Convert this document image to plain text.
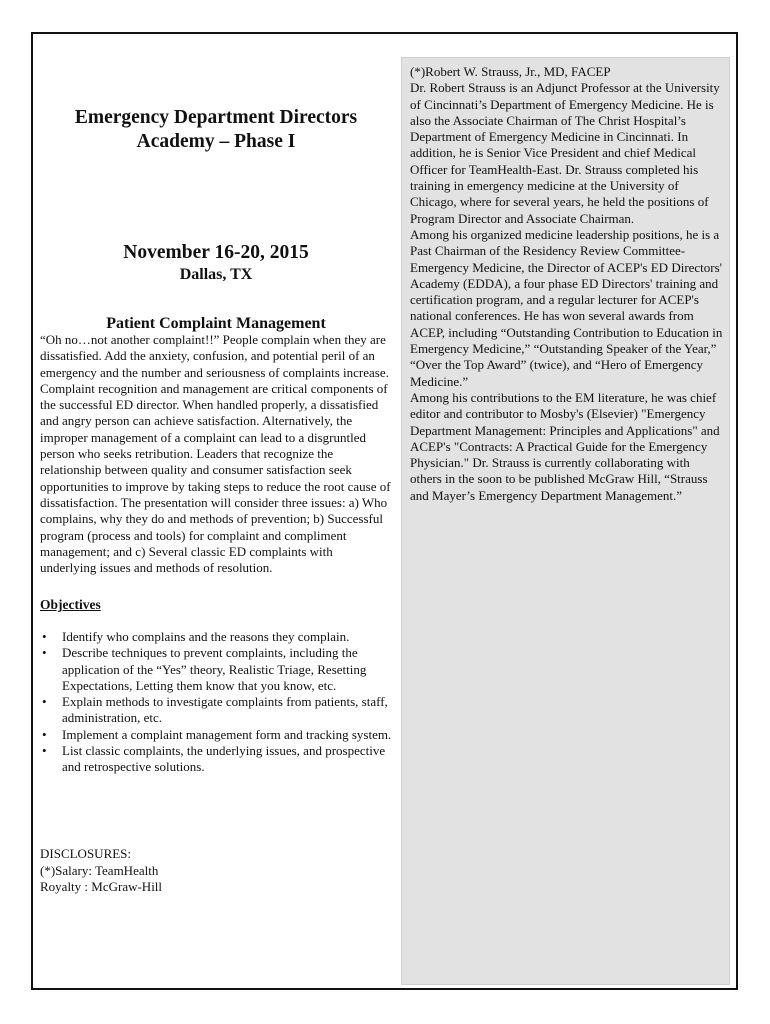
Emergency Department Directors Academy – Phase I
November 16-20, 2015
Dallas, TX
Patient Complaint Management

“Oh no…not another complaint!!” People complain when they are dissatisfied. Add the anxiety, confusion, and potential peril of an emergency and the number and seriousness of complaints increase. Complaint recognition and management are critical components of the successful ED director. When handled properly, a dissatisfied and angry person can achieve satisfaction. Alternatively, the improper management of a complaint can lead to a disgruntled person who seeks retribution. Leaders that recognize the relationship between quality and consumer satisfaction seek opportunities to improve by taking steps to reduce the root cause of dissatisfaction. The presentation will consider three issues: a) Who complains, why they do and methods of prevention; b) Successful program (process and tools) for complaint and compliment management; and c) Several classic ED complaints with underlying issues and methods of resolution.

Objectives
• Identify who complains and the reasons they complain.
• Describe techniques to prevent complaints, including the application of the “Yes” theory, Realistic Triage, Resetting Expectations, Letting them know that you know, etc.
• Explain methods to investigate complaints from patients, staff, administration, etc.
• Implement a complaint management form and tracking system.
• List classic complaints, the underlying issues, and prospective and retrospective solutions.
DISCLOSURES:
(*)Salary: TeamHealth
Royalty : McGraw-Hill

(*)Robert W. Strauss, Jr., MD, FACEP

Dr. Robert Strauss is an Adjunct Professor at the University of Cincinnati’s Department of Emergency Medicine. He is also the Associate Chairman of The Christ Hospital’s Department of Emergency Medicine in Cincinnati. In addition, he is Senior Vice President and chief Medical Officer for TeamHealth-East. Dr. Strauss completed his training in emergency medicine at the University of Chicago, where for several years, he held the positions of Program Director and Associate Chairman.

Among his organized medicine leadership positions, he is a Past Chairman of the Residency Review Committee-Emergency Medicine, the Director of ACEP's ED Directors' Academy (EDDA), a four phase ED Directors' training and certification program, and a regular lecturer for ACEP's national conferences. He has won several awards from ACEP, including “Outstanding Contribution to Education in Emergency Medicine,” “Outstanding Speaker of the Year,” “Over the Top Award” (twice), and “Hero of Emergency Medicine.”

Among his contributions to the EM literature, he was chief editor and contributor to Mosby's (Elsevier) "Emergency Department Management: Principles and Applications" and ACEP's "Contracts: A Practical Guide for the Emergency Physician." Dr. Strauss is currently collaborating with others in the soon to be published McGraw Hill, “Strauss and Mayer’s Emergency Department Management.”
